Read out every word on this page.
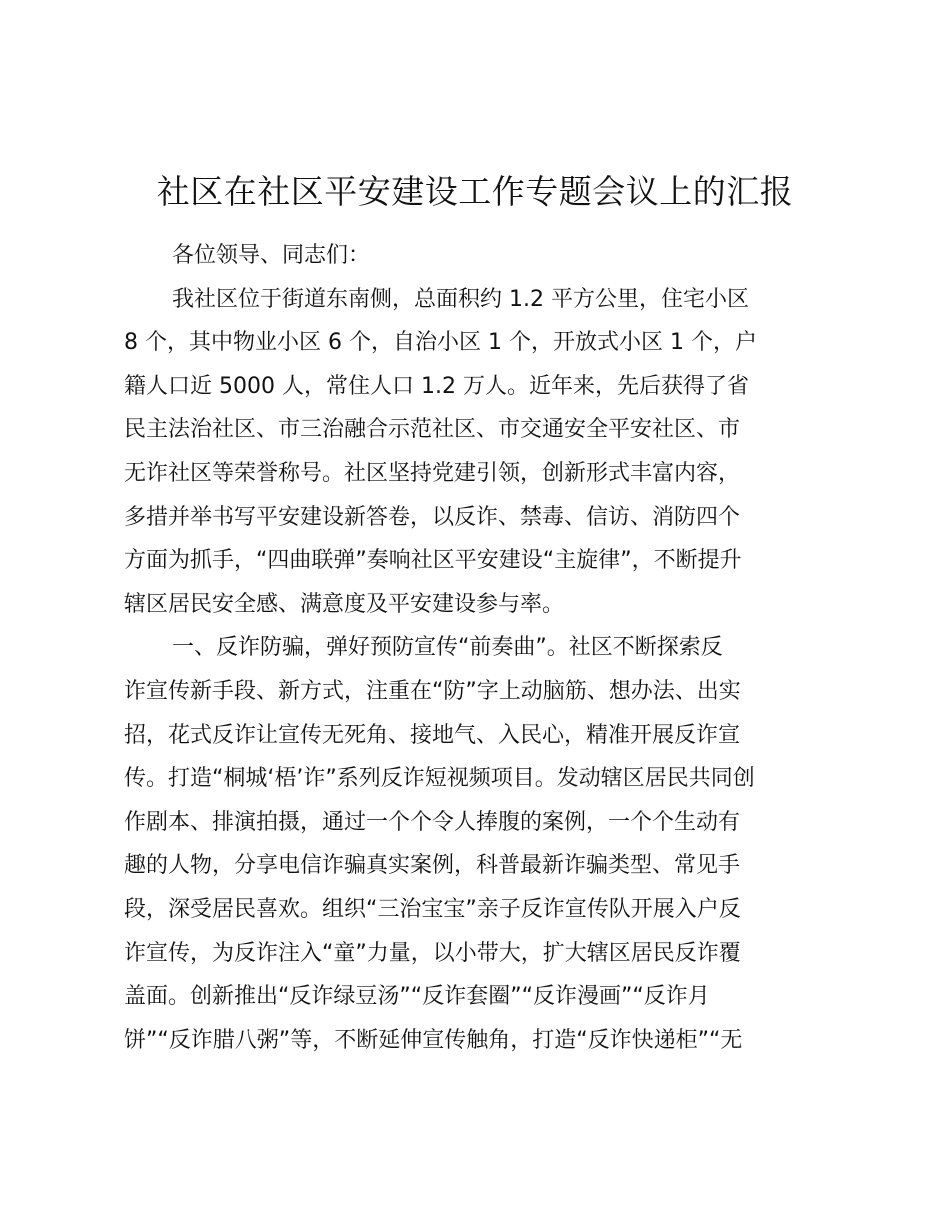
社区在社区平安建设工作专题会议上的汇报

各位领导、同志们：

我社区位于街道东南侧，总面积约 1.2 平方公里，住宅小区

8 个，其中物业小区 6 个，自治小区 1 个，开放式小区 1 个，户

籍人口近 5000 人，常住人口 1.2 万人。近年来，先后获得了省

民主法治社区、市三治融合示范社区、市交通安全平安社区、市

无诈社区等荣誉称号。社区坚持党建引领，创新形式丰富内容，

多措并举书写平安建设新答卷，以反诈、禁毒、信访、消防四个

方面为抓手，“四曲联弹”奏响社区平安建设“主旋律”，不断提升

辖区居民安全感、满意度及平安建设参与率。

一、反诈防骗，弹好预防宣传“前奏曲”。社区不断探索反

诈宣传新手段、新方式，注重在“防”字上动脑筋、想办法、出实

招，花式反诈让宣传无死角、接地气、入民心，精准开展反诈宣

传。打造“桐城‘梧’诈”系列反诈短视频项目。发动辖区居民共同创

作剧本、排演拍摄，通过一个个令人捧腹的案例，一个个生动有

趣的人物，分享电信诈骗真实案例，科普最新诈骗类型、常见手

段，深受居民喜欢。组织“三治宝宝”亲子反诈宣传队开展入户反

诈宣传，为反诈注入“童”力量，以小带大，扩大辖区居民反诈覆

盖面。创新推出“反诈绿豆汤”“反诈套圈”“反诈漫画”“反诈月

饼”“反诈腊八粥”等，不断延伸宣传触角，打造“反诈快递柜”“无
